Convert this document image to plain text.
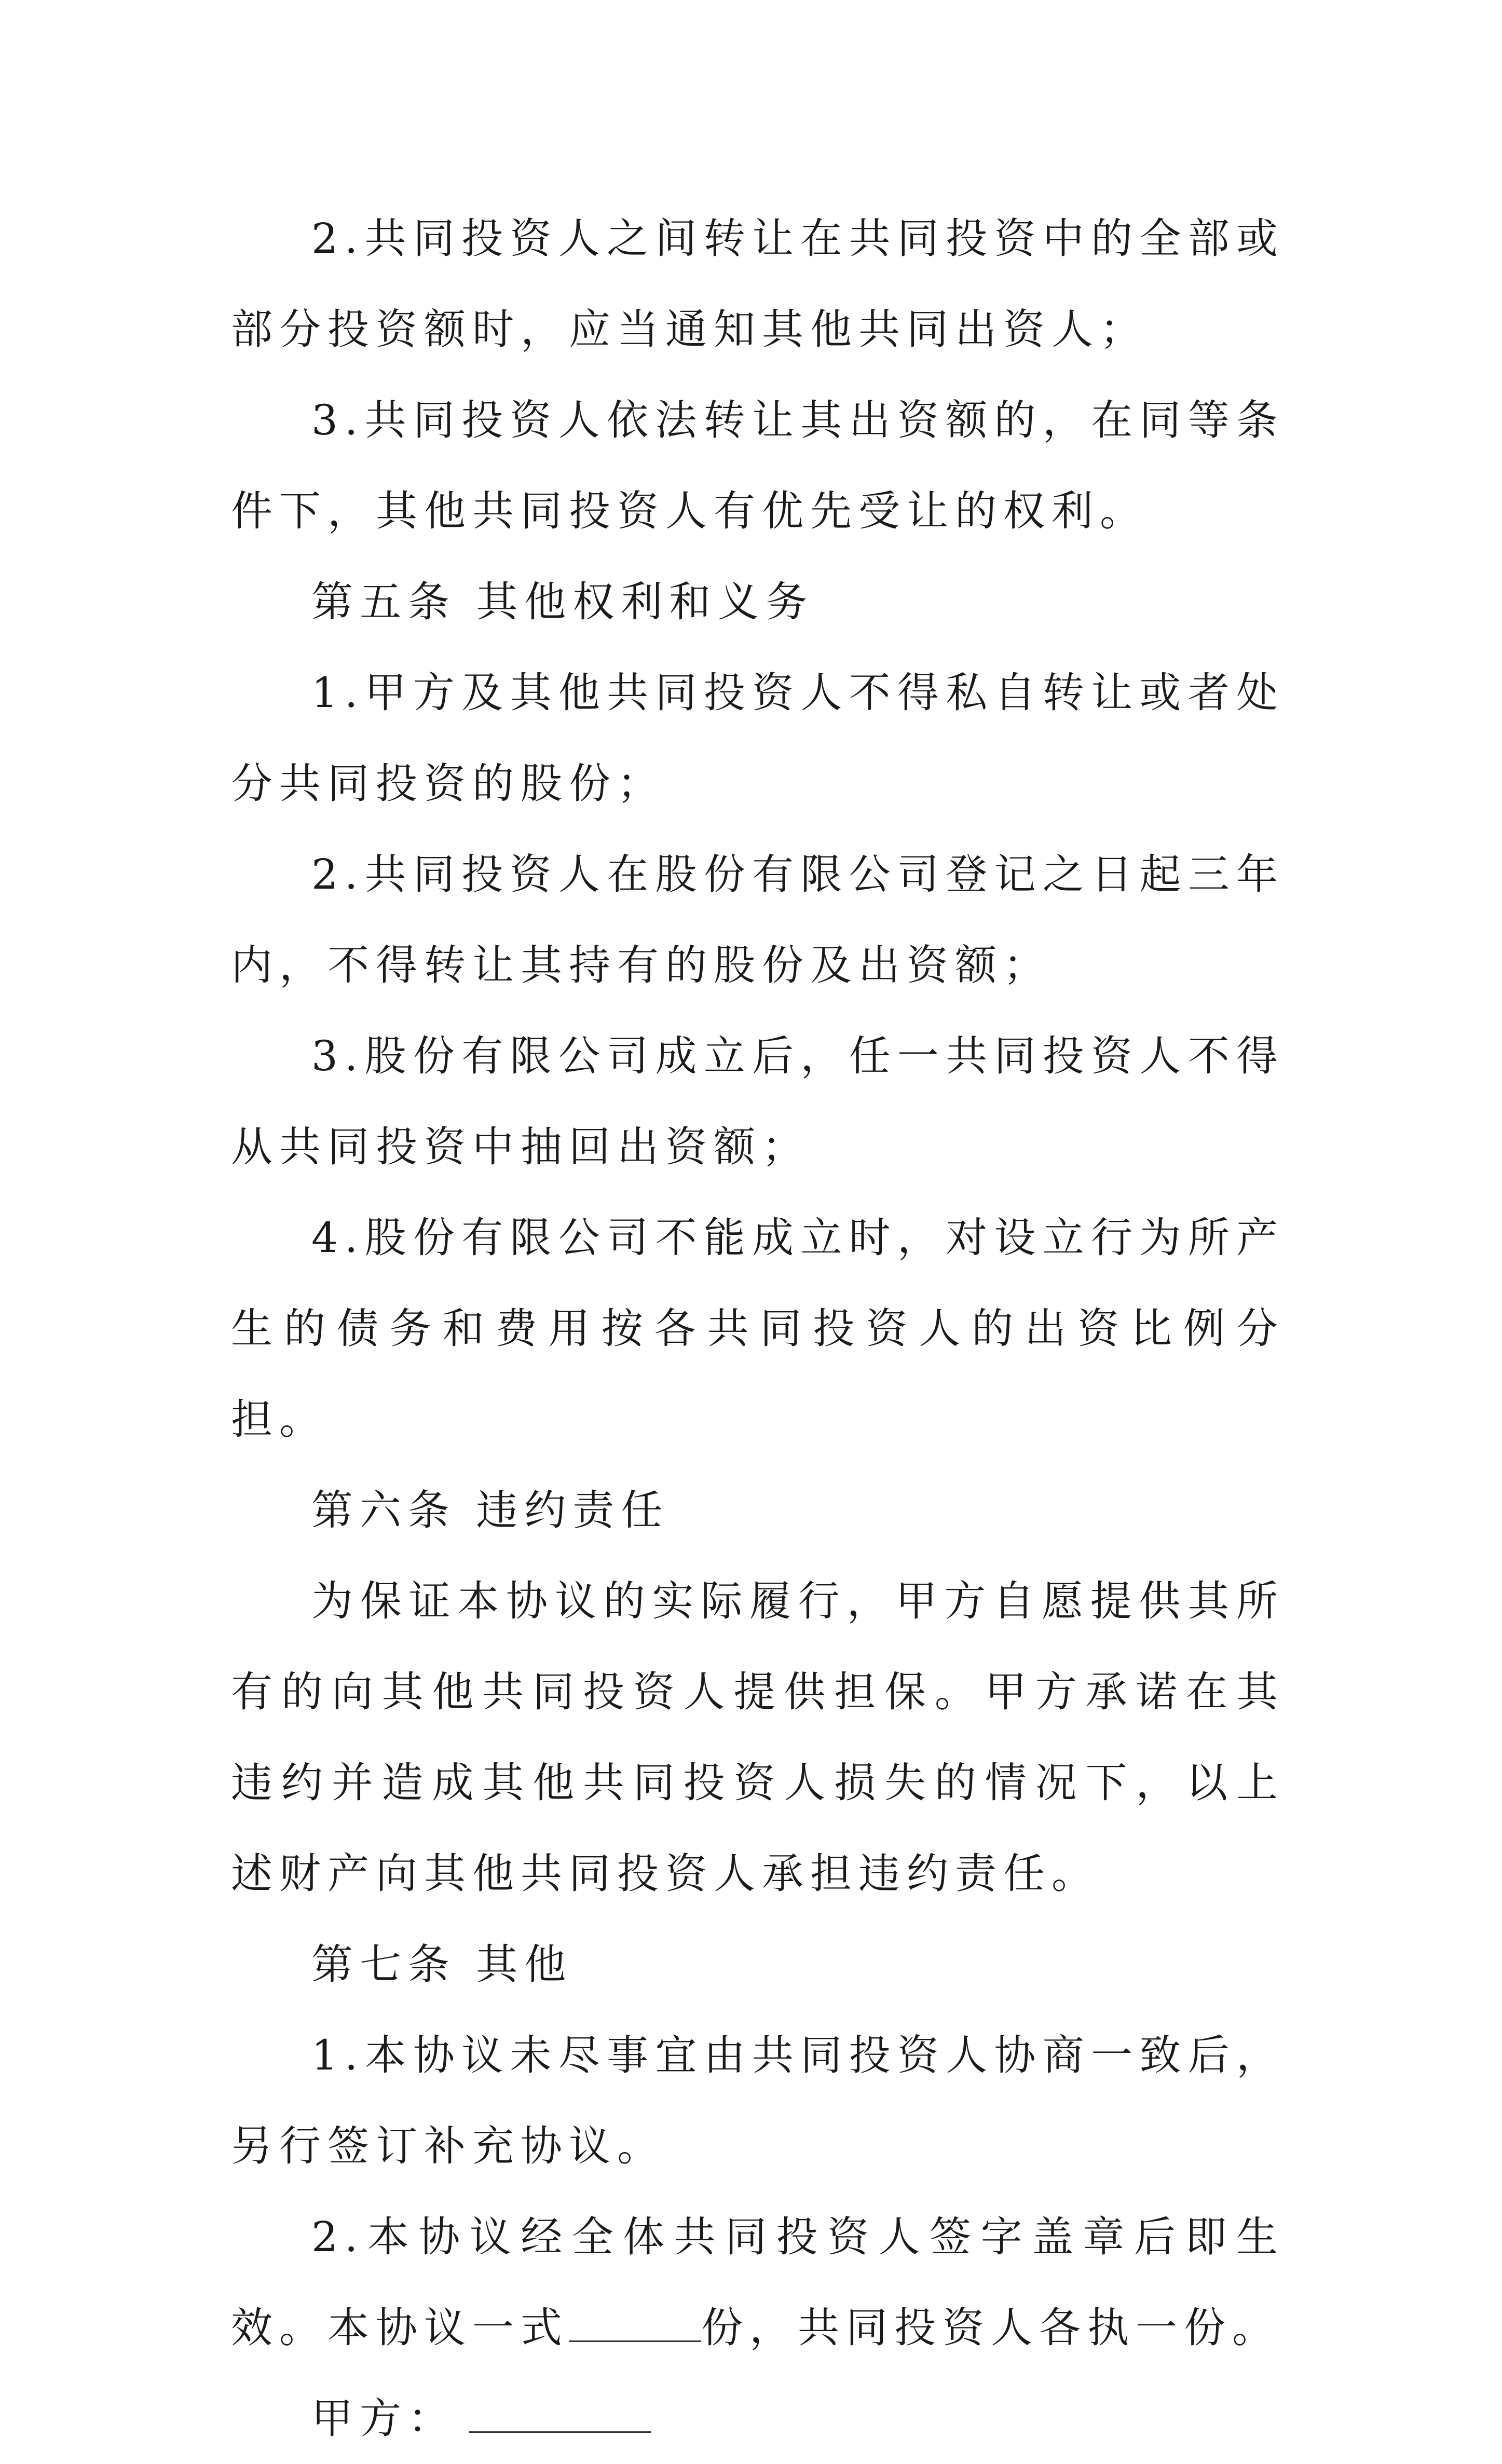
2.共同投资人之间转让在共同投资中的全部或部分投资额时，应当通知其他共同出资人；

3.共同投资人依法转让其出资额的，在同等条件下，其他共同投资人有优先受让的权利。

第五条 其他权利和义务

1.甲方及其他共同投资人不得私自转让或者处分共同投资的股份；

2.共同投资人在股份有限公司登记之日起三年内，不得转让其持有的股份及出资额；

3.股份有限公司成立后，任一共同投资人不得从共同投资中抽回出资额；

4.股份有限公司不能成立时，对设立行为所产生的债务和费用按各共同投资人的出资比例分担。

第六条 违约责任

为保证本协议的实际履行，甲方自愿提供其所有的向其他共同投资人提供担保。甲方承诺在其违约并造成其他共同投资人损失的情况下，以上述财产向其他共同投资人承担违约责任。

第七条 其他

1.本协议未尽事宜由共同投资人协商一致后，另行签订补充协议。

2.本协议经全体共同投资人签字盖章后即生效。本协议一式	份，共同投资人各执一份。

甲方：
